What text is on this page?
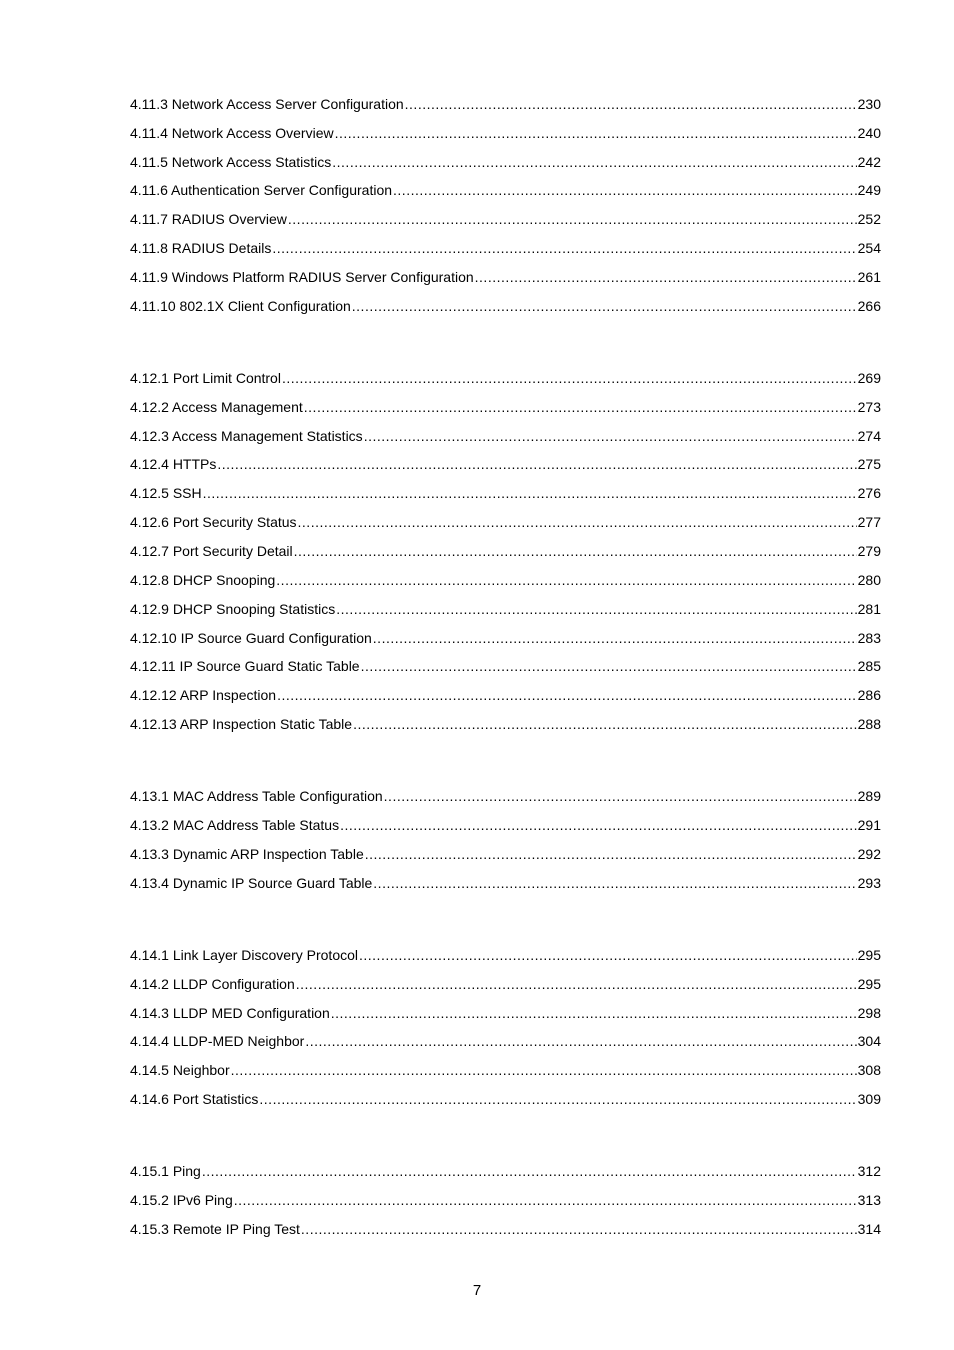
4.11.3 Network Access Server Configuration .....	230
4.11.4 Network Access Overview .....	240
4.11.5 Network Access Statistics .....	242
4.11.6 Authentication Server Configuration .....	249
4.11.7 RADIUS Overview .....	252
4.11.8 RADIUS Details .....	254
4.11.9 Windows Platform RADIUS Server Configuration .....	261
4.11.10 802.1X Client Configuration .....	266
4.12.1 Port Limit Control .....	269
4.12.2 Access Management .....	273
4.12.3 Access Management Statistics .....	274
4.12.4 HTTPs .....	275
4.12.5 SSH .....	276
4.12.6 Port Security Status .....	277
4.12.7 Port Security Detail .....	279
4.12.8 DHCP Snooping .....	280
4.12.9 DHCP Snooping Statistics .....	281
4.12.10 IP Source Guard Configuration .....	283
4.12.11 IP Source Guard Static Table .....	285
4.12.12 ARP Inspection .....	286
4.12.13 ARP Inspection Static Table .....	288
4.13.1 MAC Address Table Configuration .....	289
4.13.2 MAC Address Table Status .....	291
4.13.3 Dynamic ARP Inspection Table .....	292
4.13.4 Dynamic IP Source Guard Table .....	293
4.14.1 Link Layer Discovery Protocol .....	295
4.14.2 LLDP Configuration .....	295
4.14.3 LLDP MED Configuration .....	298
4.14.4 LLDP-MED Neighbor .....	304
4.14.5 Neighbor .....	308
4.14.6 Port Statistics .....	309
4.15.1 Ping .....	312
4.15.2 IPv6 Ping .....	313
4.15.3 Remote IP Ping Test .....	314
7
